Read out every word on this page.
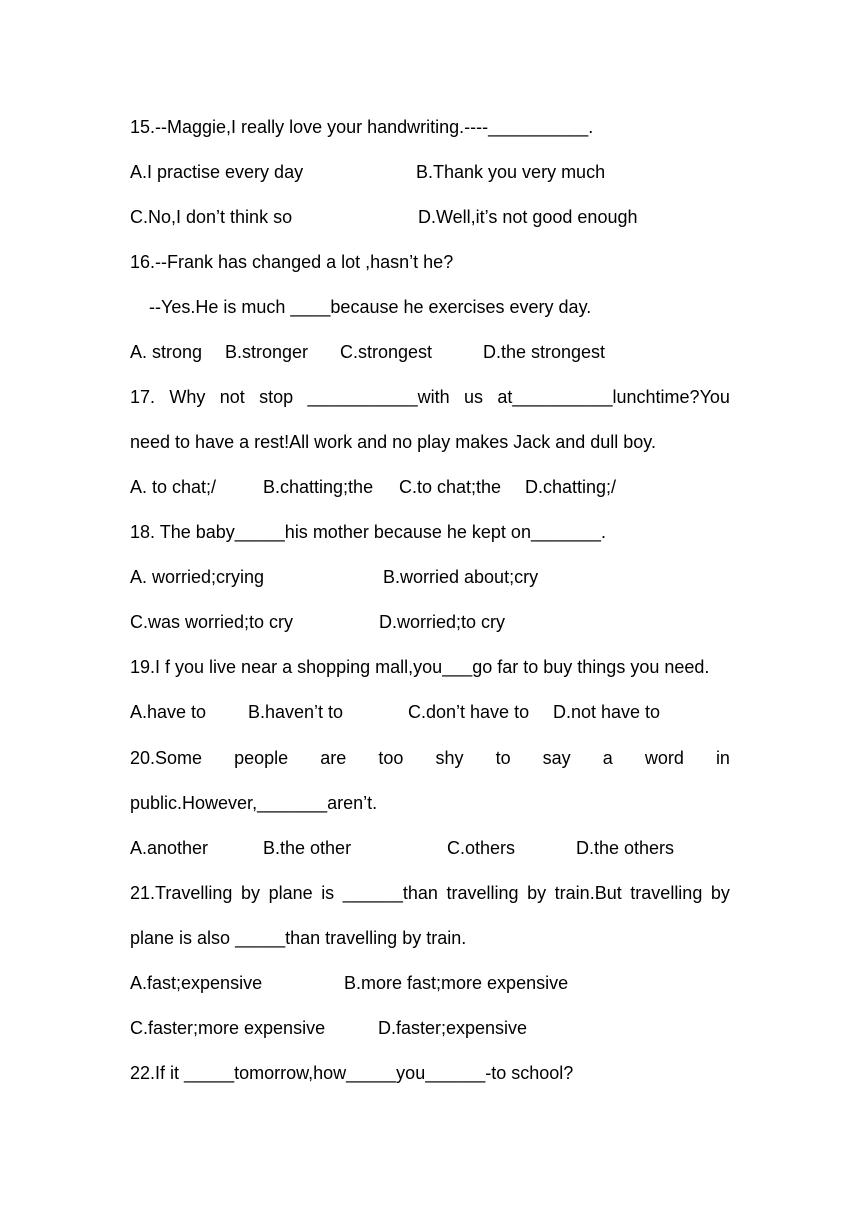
15.--Maggie,I really love your handwriting.----__________.
A.I practise every day	B.Thank you very much
C.No,I don’t think so	D.Well,it’s not good enough
16.--Frank has changed a lot ,hasn’t he?
--Yes.He is much ____because he exercises every day.
A. strong B.stronger C.strongest	D.the strongest
17. Why not stop ___________with us at__________lunchtime?You
need to have a rest!All work and no play makes Jack and dull boy.
A. to chat;/	B.chatting;the C.to chat;the D.chatting;/
18. The baby_____his mother because he kept on_______.
A. worried;crying	B.worried about;cry
C.was worried;to cry	D.worried;to cry
19.I f you live near a shopping mall,you___go far to buy things you need.
A.have to B.haven’t to	C.don’t have to D.not have to
20.Some people are too shy to say a word in
public.However,_______aren’t.
A.another	B.the other	C.others	D.the others
21.Travelling by plane is ______than travelling by train.But travelling by
plane is also _____than travelling by train.
A.fast;expensive	B.more fast;more expensive
C.faster;more expensive	D.faster;expensive
22.If it _____tomorrow,how_____you______-to school?
